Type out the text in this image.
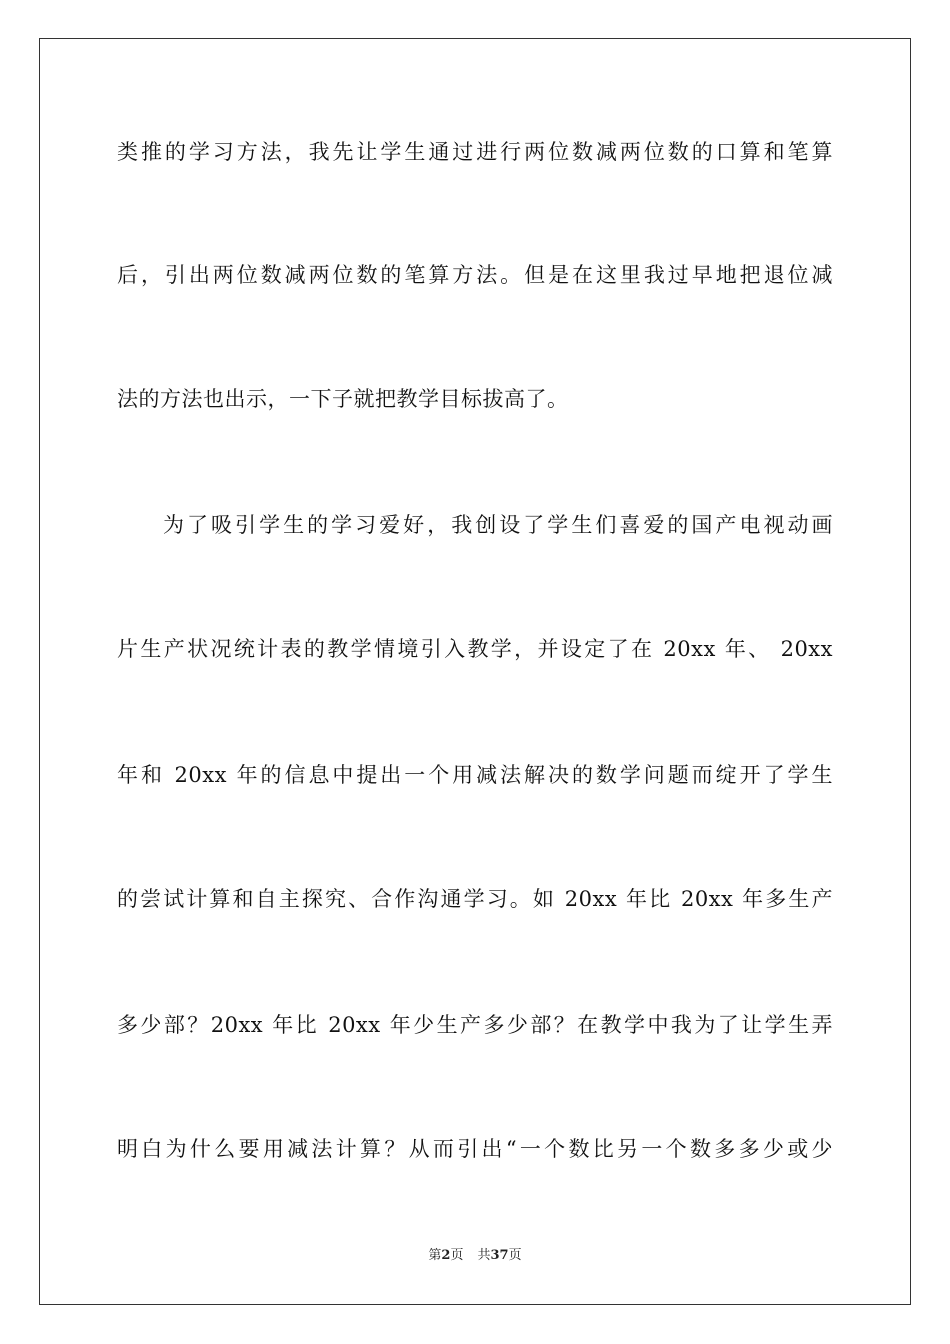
类推的学习方法，我先让学生通过进行两位数减两位数的口算和笔算
后，引出两位数减两位数的笔算方法。但是在这里我过早地把退位减
法的方法也出示，一下子就把教学目标拔高了。
为了吸引学生的学习爱好，我创设了学生们喜爱的国产电视动画
片生产状况统计表的教学情境引入教学，并设定了在 20xx 年、 20xx
年和 20xx 年的信息中提出一个用减法解决的数学问题而绽开了学生
的尝试计算和自主探究、合作沟通学习。如 20xx 年比 20xx 年多生产
多少部？20xx 年比 20xx 年少生产多少部？在教学中我为了让学生弄
明白为什么要用减法计算？从而引出“一个数比另一个数多多少或少
第2页 共37页
